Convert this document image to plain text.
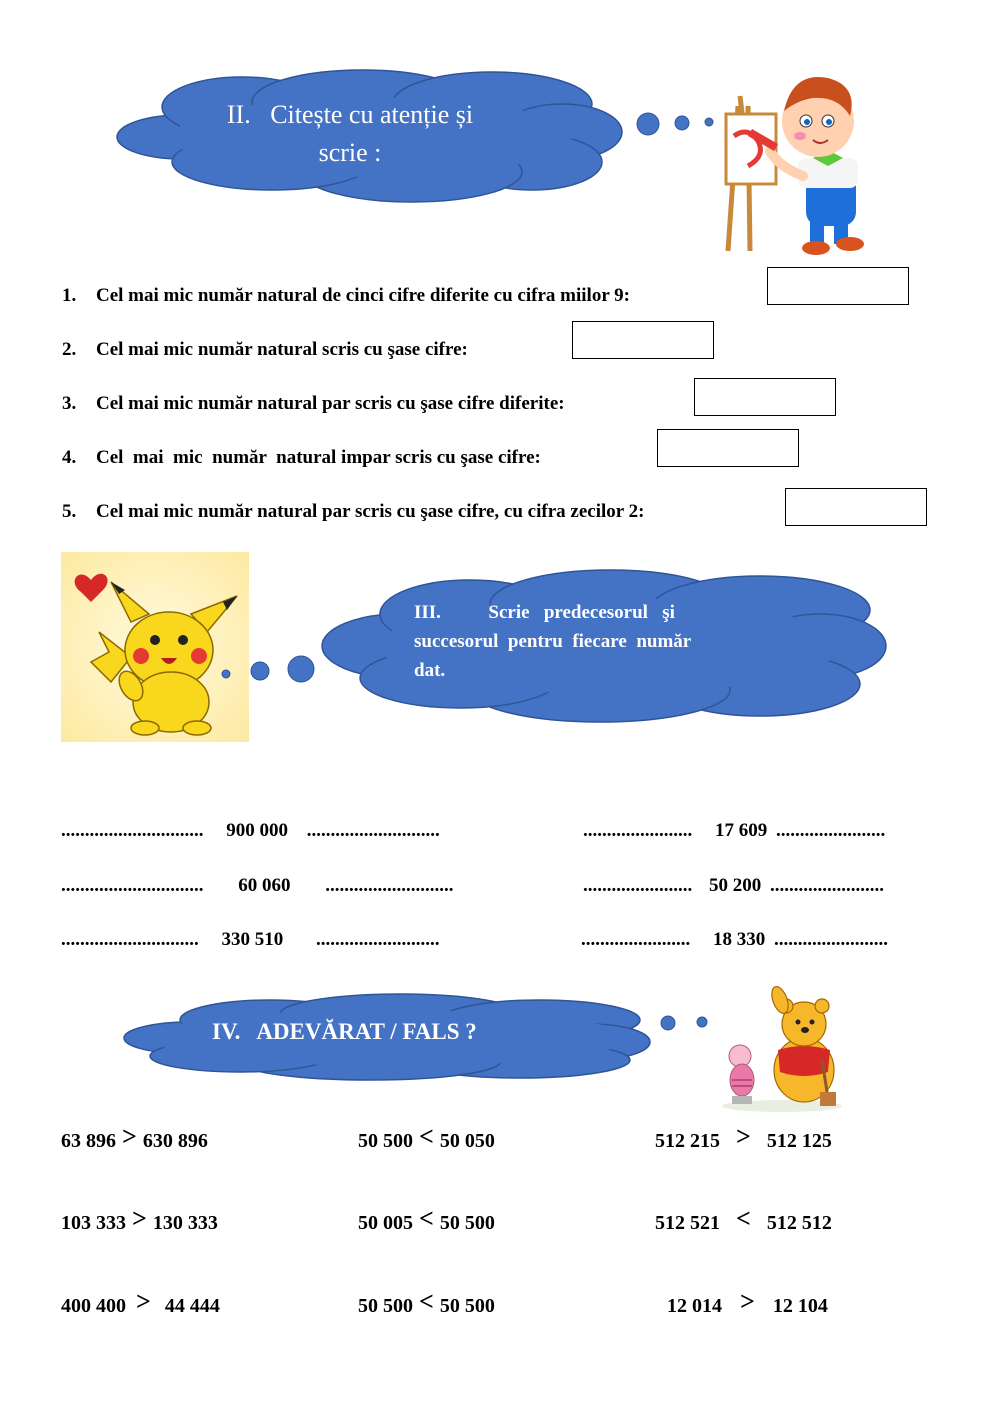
II.   Citește cu atenție și
scrie :
1.	Cel mai mic număr natural de cinci cifre diferite cu cifra miilor 9:
2.	Cel mai mic număr natural scris cu şase cifre:
3.	Cel mai mic număr natural par scris cu şase cifre diferite:
4.	Cel  mai  mic  număr  natural impar scris cu şase cifre:
5.	Cel mai mic număr natural par scris cu şase cifre, cu cifra zecilor 2:
III.          Scrie   predecesorul   şi
succesorul  pentru  fiecare  număr
dat.
.............................. 900 000 ............................	....................... 17 609 .......................
.............................. 60 060 ...........................	....................... 50 200 ........................
............................. 330 510 ..........................	....................... 18 330 ........................
IV.   ADEVĂRAT / FALS ?
63 896 > 630 896	50 500 < 50 050	512 215 > 512 125
103 333 > 130 333	50 005 < 50 500	512 521 < 512 512
400 400 > 44 444	50 500 < 50 500	12 014 > 12 104
